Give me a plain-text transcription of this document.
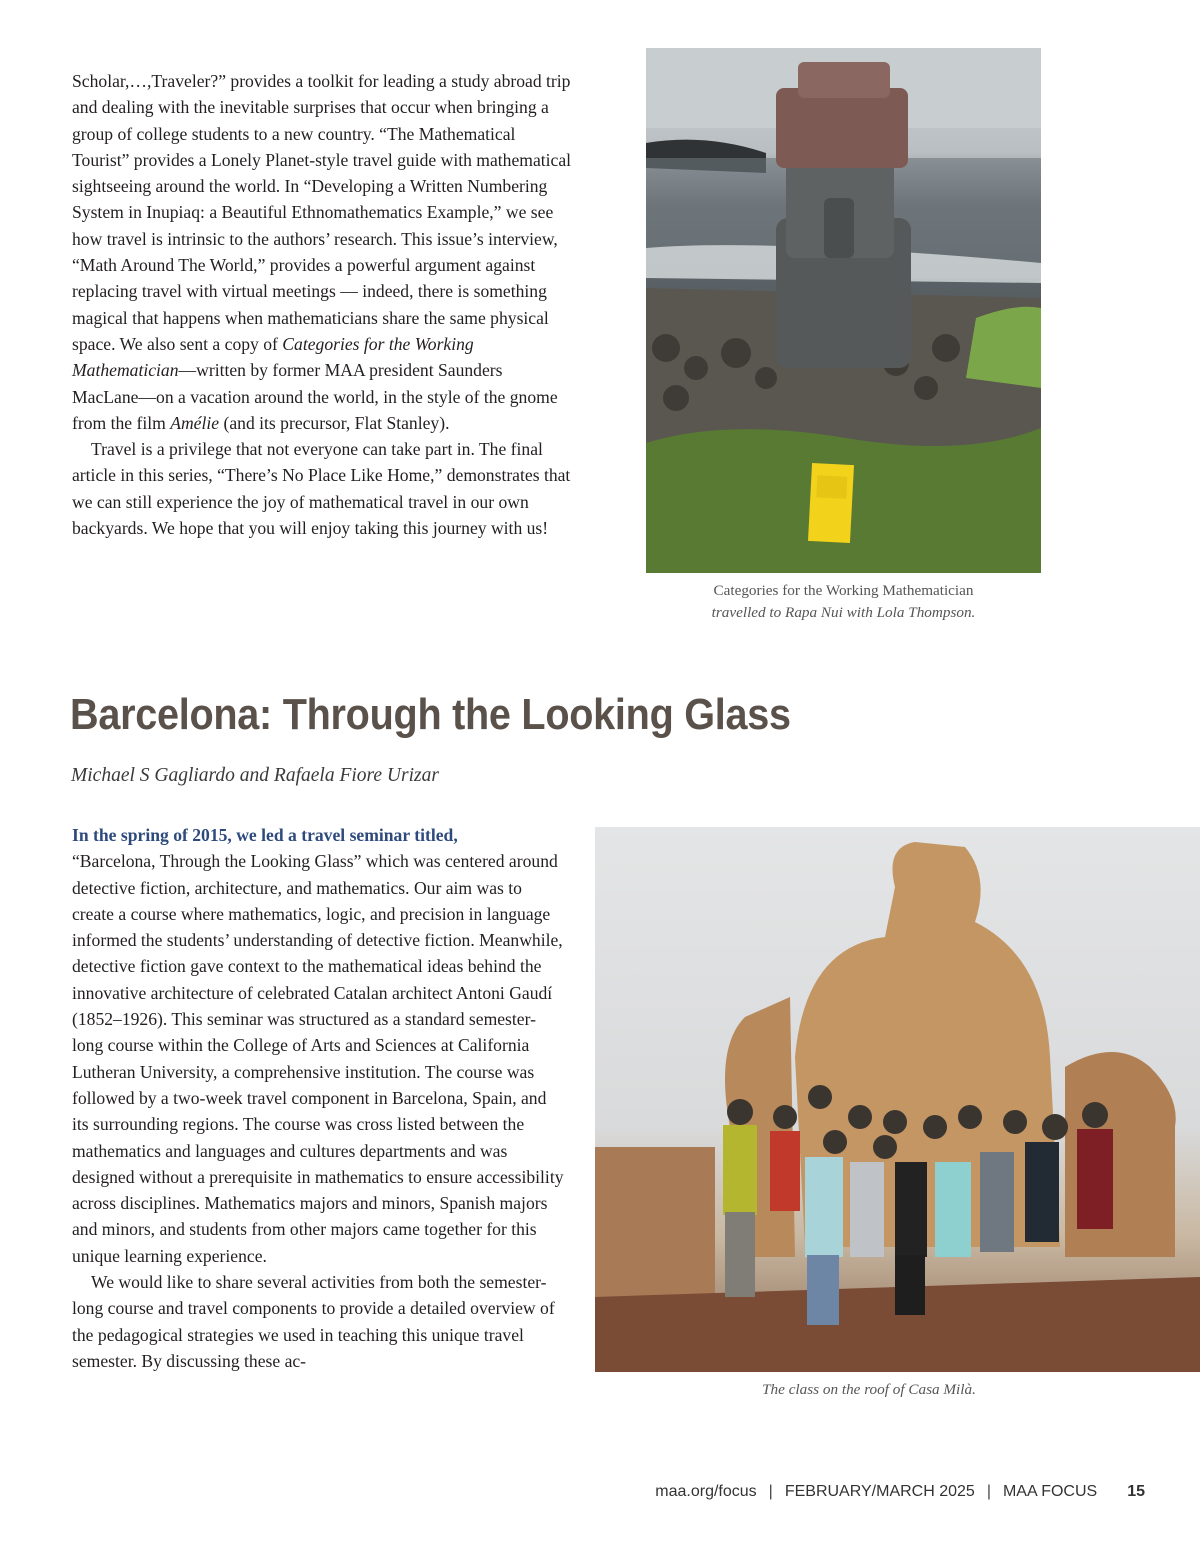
Scholar,…,Traveler?” provides a toolkit for leading a study abroad trip and dealing with the inevitable surprises that occur when bringing a group of college students to a new country. “The Mathematical Tourist” provides a Lonely Planet-style travel guide with mathematical sightseeing around the world. In “Developing a Written Numbering System in Inupiaq: a Beautiful Ethnomathematics Example,” we see how travel is intrinsic to the authors’ research. This issue’s interview, “Math Around The World,” provides a powerful argument against replacing travel with virtual meetings — indeed, there is something magical that happens when mathematicians share the same physical space. We also sent a copy of Categories for the Working Mathematician—written by former MAA president Saunders MacLane—on a vacation around the world, in the style of the gnome from the film Amélie (and its precursor, Flat Stanley).

Travel is a privilege that not everyone can take part in. The final article in this series, “There’s No Place Like Home,” demonstrates that we can still experience the joy of mathematical travel in our own backyards. We hope that you will enjoy taking this journey with us!

Categories for the Working Mathematician
travelled to Rapa Nui with Lola Thompson.
Barcelona: Through the Looking Glass
Michael S Gagliardo and Rafaela Fiore Urizar

In the spring of 2015, we led a travel seminar titled,
“Barcelona, Through the Looking Glass” which was centered around detective fiction, architecture, and mathematics. Our aim was to create a course where mathematics, logic, and precision in language informed the students’ understanding of detective fiction. Meanwhile, detective fiction gave context to the mathematical ideas behind the innovative architecture of celebrated Catalan architect Antoni Gaudí (1852–1926). This seminar was structured as a standard semester-long course within the College of Arts and Sciences at California Lutheran University, a comprehensive institution. The course was followed by a two-week travel component in Barcelona, Spain, and its surrounding regions. The course was cross listed between the mathematics and languages and cultures departments and was designed without a prerequisite in mathematics to ensure accessibility across disciplines. Mathematics majors and minors, Spanish majors and minors, and students from other majors came together for this unique learning experience.

We would like to share several activities from both the semester-long course and travel components to provide a detailed overview of the pedagogical strategies we used in teaching this unique travel semester. By discussing these ac-

The class on the roof of Casa Milà.
maa.org/focus | FEBRUARY/MARCH 2025 | MAA FOCUS 15
